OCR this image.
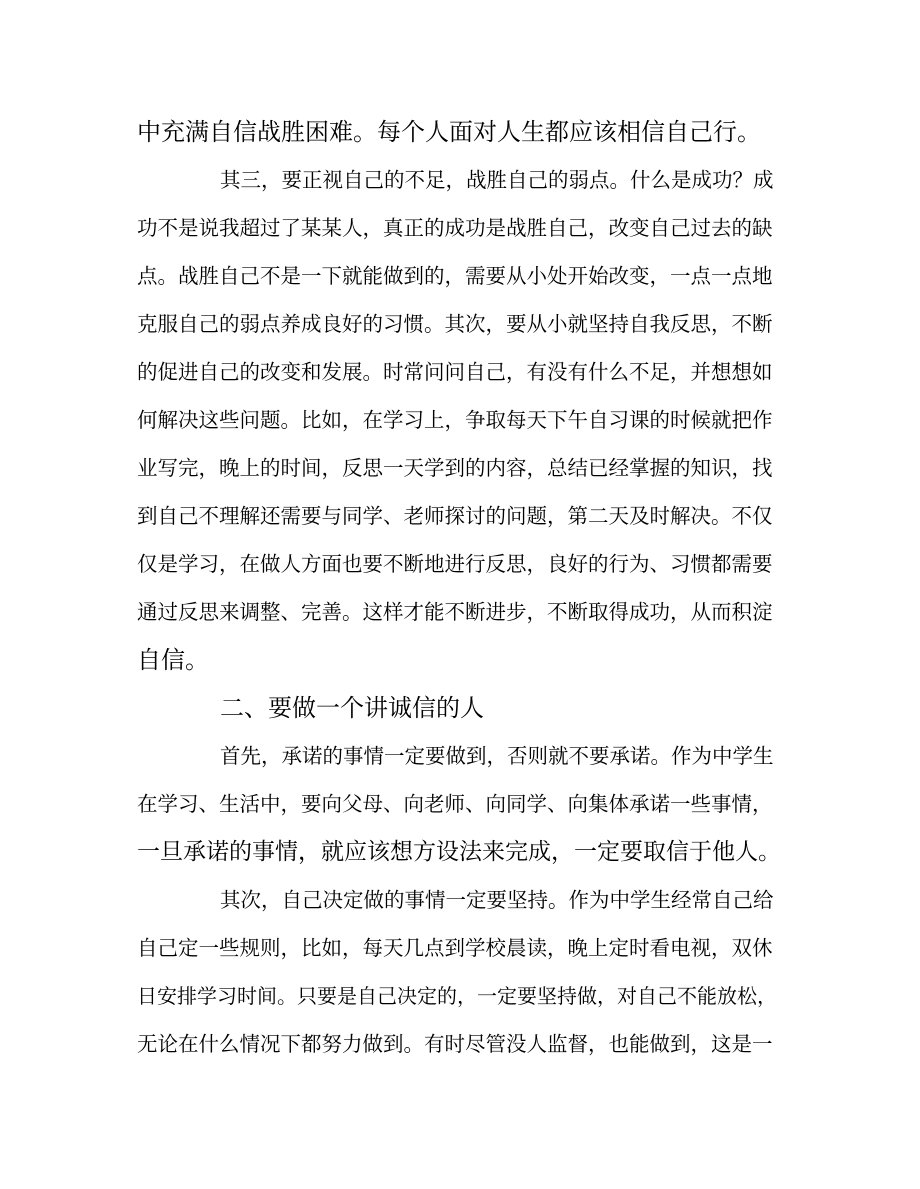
中充满自信战胜困难。每个人面对人生都应该相信自己行。
其三，要正视自己的不足，战胜自己的弱点。什么是成功？成
功不是说我超过了某某人，真正的成功是战胜自己，改变自己过去的缺
点。战胜自己不是一下就能做到的，需要从小处开始改变，一点一点地
克服自己的弱点养成良好的习惯。其次，要从小就坚持自我反思，不断
的促进自己的改变和发展。时常问问自己，有没有什么不足，并想想如
何解决这些问题。比如，在学习上，争取每天下午自习课的时候就把作
业写完，晚上的时间，反思一天学到的内容，总结已经掌握的知识，找
到自己不理解还需要与同学、老师探讨的问题，第二天及时解决。不仅
仅是学习，在做人方面也要不断地进行反思，良好的行为、习惯都需要
通过反思来调整、完善。这样才能不断进步，不断取得成功，从而积淀
自信。
二、要做一个讲诚信的人
首先，承诺的事情一定要做到，否则就不要承诺。作为中学生
在学习、生活中，要向父母、向老师、向同学、向集体承诺一些事情，
一旦承诺的事情，就应该想方设法来完成，一定要取信于他人。
其次，自己决定做的事情一定要坚持。作为中学生经常自己给
自己定一些规则，比如，每天几点到学校晨读，晚上定时看电视，双休
日安排学习时间。只要是自己决定的，一定要坚持做，对自己不能放松，
无论在什么情况下都努力做到。有时尽管没人监督，也能做到，这是一
